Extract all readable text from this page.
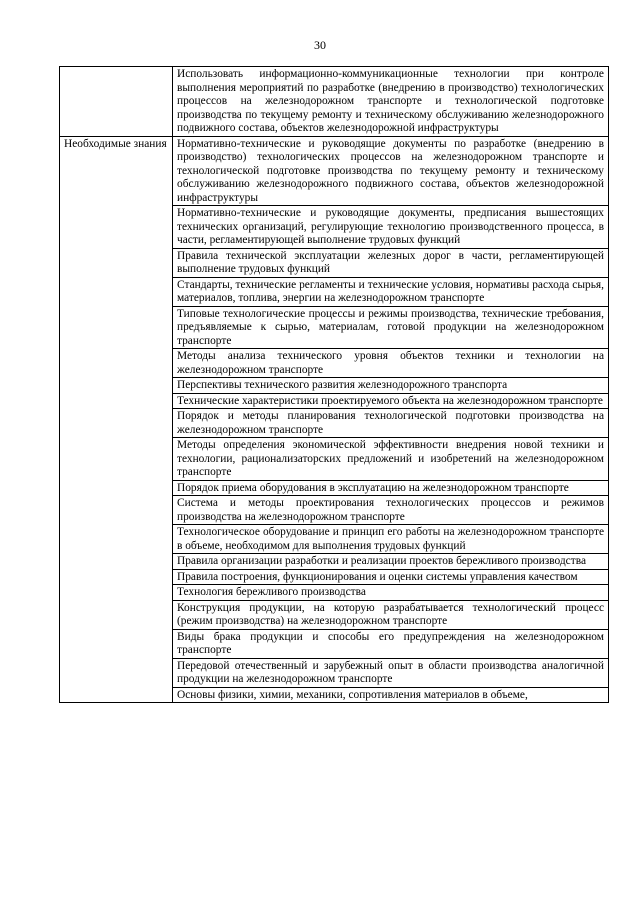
30
	Использовать информационно-коммуникационные технологии при контроле выполнения мероприятий по разработке (внедрению в производство) технологических процессов на железнодорожном транспорте и технологической подготовке производства по текущему ремонту и техническому обслуживанию железнодорожного подвижного состава, объектов железнодорожной инфраструктуры
Необходимые знания	Нормативно-технические и руководящие документы по разработке (внедрению в производство) технологических процессов на железнодорожном транспорте и технологической подготовке производства по текущему ремонту и техническому обслуживанию железнодорожного подвижного состава, объектов железнодорожной инфраструктуры
	Нормативно-технические и руководящие документы, предписания вышестоящих технических организаций, регулирующие технологию производственного процесса, в части, регламентирующей выполнение трудовых функций
	Правила технической эксплуатации железных дорог в части, регламентирующей выполнение трудовых функций
	Стандарты, технические регламенты и технические условия, нормативы расхода сырья, материалов, топлива, энергии на железнодорожном транспорте
	Типовые технологические процессы и режимы производства, технические требования, предъявляемые к сырью, материалам, готовой продукции на железнодорожном транспорте
	Методы анализа технического уровня объектов техники и технологии на железнодорожном транспорте
	Перспективы технического развития железнодорожного транспорта
	Технические характеристики проектируемого объекта на железнодорожном транспорте
	Порядок и методы планирования технологической подготовки производства на железнодорожном транспорте
	Методы определения экономической эффективности внедрения новой техники и технологии, рационализаторских предложений и изобретений на железнодорожном транспорте
	Порядок приема оборудования в эксплуатацию на железнодорожном транспорте
	Система и методы проектирования технологических процессов и режимов производства на железнодорожном транспорте
	Технологическое оборудование и принцип его работы на железнодорожном транспорте в объеме, необходимом для выполнения трудовых функций
	Правила организации разработки и реализации проектов бережливого производства
	Правила построения, функционирования и оценки системы управления качеством
	Технология бережливого производства
	Конструкция продукции, на которую разрабатывается технологический процесс (режим производства) на железнодорожном транспорте
	Виды брака продукции и способы его предупреждения на железнодорожном транспорте
	Передовой отечественный и зарубежный опыт в области производства аналогичной продукции на железнодорожном транспорте
	Основы физики, химии, механики, сопротивления материалов в объеме,
